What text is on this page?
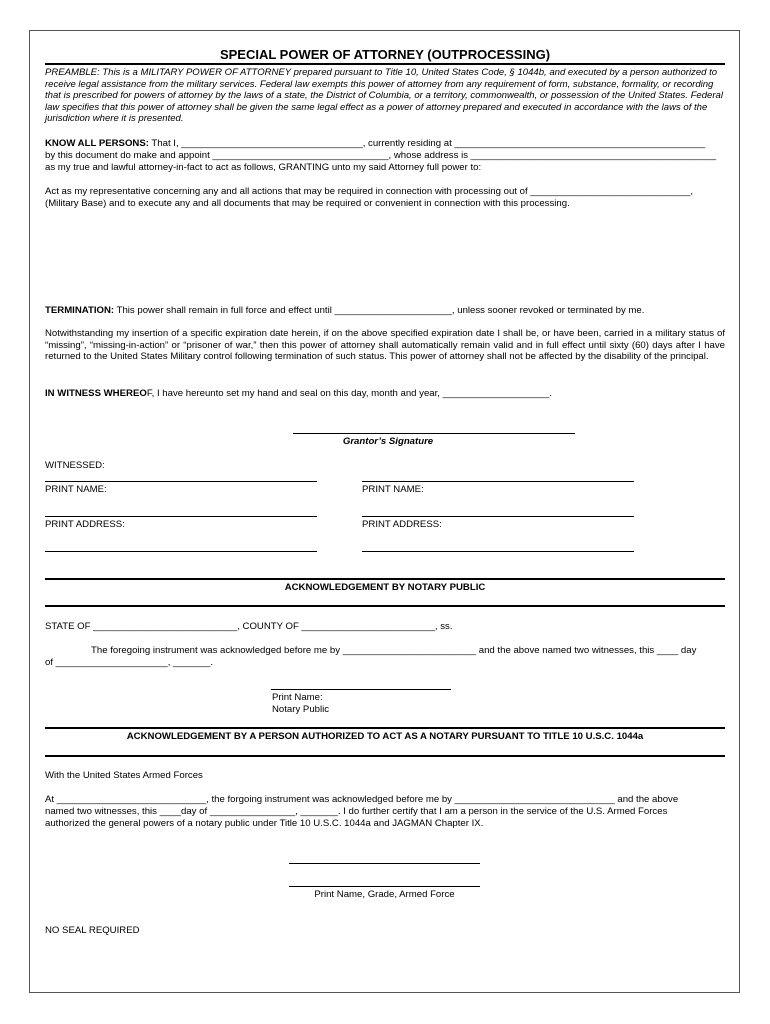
SPECIAL POWER OF ATTORNEY (OUTPROCESSING)
PREAMBLE: This is a MILITARY POWER OF ATTORNEY prepared pursuant to Title 10, United States Code, § 1044b, and executed by a person authorized to receive legal assistance from the military services. Federal law exempts this power of attorney from any requirement of form, substance, formality, or recording that is prescribed for powers of attorney by the laws of a state, the District of Columbia, or a territory, commonwealth, or possession of the United States. Federal law specifies that this power of attorney shall be given the same legal effect as a power of attorney prepared and executed in accordance with the laws of the jurisdiction where it is presented.
KNOW ALL PERSONS: That I, __________________________________, currently residing at _______________________________________________
by this document do make and appoint _________________________________, whose address is ______________________________________________
as my true and lawful attorney-in-fact to act as follows, GRANTING unto my said Attorney full power to:
Act as my representative concerning any and all actions that may be required in connection with processing out of ______________________________,
(Military Base) and to execute any and all documents that may be required or convenient in connection with this processing.
TERMINATION: This power shall remain in full force and effect until ______________________, unless sooner revoked or terminated by me.
Notwithstanding my insertion of a specific expiration date herein, if on the above specified expiration date I shall be, or have been, carried in a military status of “missing”, “missing-in-action” or “prisoner of war,” then this power of attorney shall automatically remain valid and in full effect until sixty (60) days after I have returned to the United States Military control following termination of such status. This power of attorney shall not be affected by the disability of the principal.
IN WITNESS WHEREOF, I have hereunto set my hand and seal on this day, month and year, ____________________.
Grantor’s Signature
WITNESSED:
PRINT NAME:	PRINT NAME:
PRINT ADDRESS:	PRINT ADDRESS:
ACKNOWLEDGEMENT BY NOTARY PUBLIC
STATE OF ___________________________, COUNTY OF _________________________, ss.
The foregoing instrument was acknowledged before me by _________________________ and the above named two witnesses, this ____ day
of _____________________, _______.
Print Name:
Notary Public
ACKNOWLEDGEMENT BY A PERSON AUTHORIZED TO ACT AS A NOTARY PURSUANT TO TITLE 10 U.S.C. 1044a
With the United States Armed Forces
At ____________________________, the forgoing instrument was acknowledged before me by ______________________________ and the above
named two witnesses, this ____day of ________________, _______. I do further certify that I am a person in the service of the U.S. Armed Forces
authorized the general powers of a notary public under Title 10 U.S.C. 1044a and JAGMAN Chapter IX.
Print Name, Grade, Armed Force
NO SEAL REQUIRED
